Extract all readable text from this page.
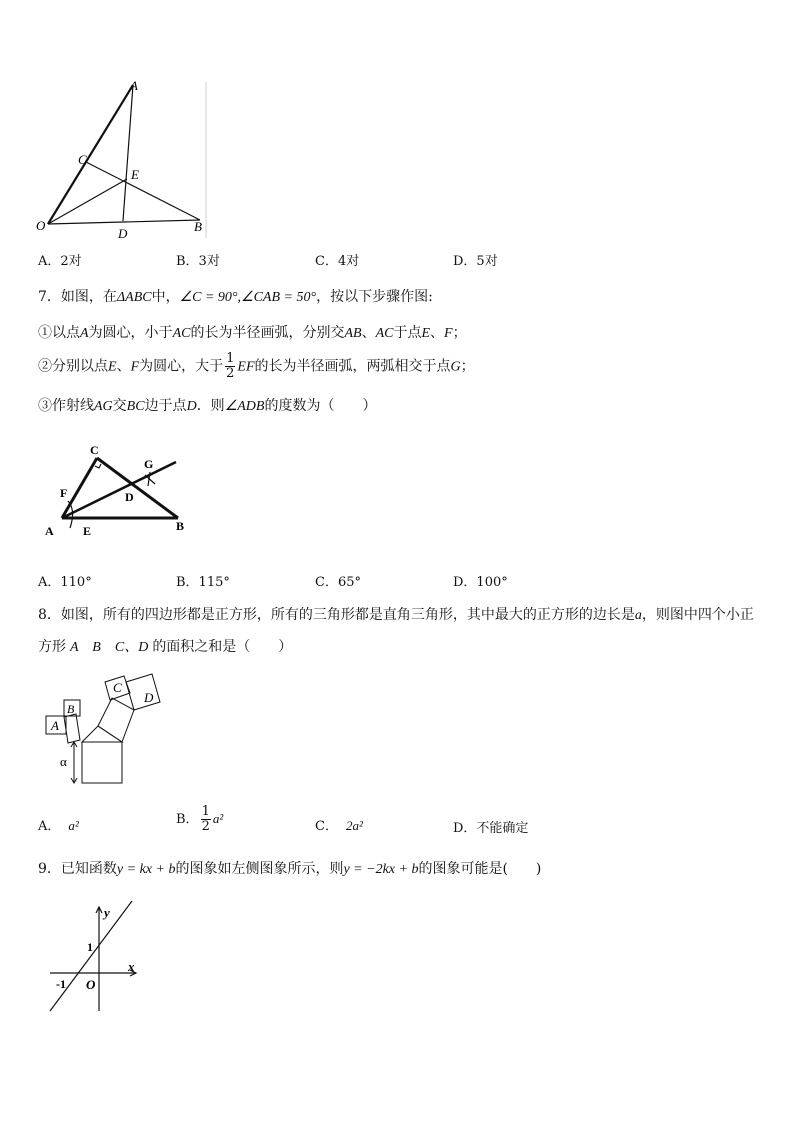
A
C
E
O
D	B
A．2对	B．3对	C．4对	D．5对
7．如图，在ΔABC中，∠C = 90°,∠CAB = 50°，按以下步骤作图:
①以点A为圆心，小于AC的长为半径画弧，分别交AB、AC于点E、F；
②分别以点E、F为圆心，大于 $\frac{1}{2}$ EF的长为半径画弧，两弧相交于点G；
③作射线AG交BC边于点D．则∠ADB的度数为（　　）
C
G
F	D
A E	B
A．110°	B．115°	C．65°	D．100°
8．如图，所有的四边形都是正方形，所有的三角形都是直角三角形，其中最大的正方形的边长是a，则图中四个小正
方形 A　B　C、D 的面积之和是（　　）
A
B
C
D
α
A． a²	B． $\frac{1}{2} a^2$
C． 2a²	D．不能确定
9．已知函数y = kx + b的图象如左侧图象所示，则y = −2kx + b的图象可能是(　　)
y
x
1
-1 O
